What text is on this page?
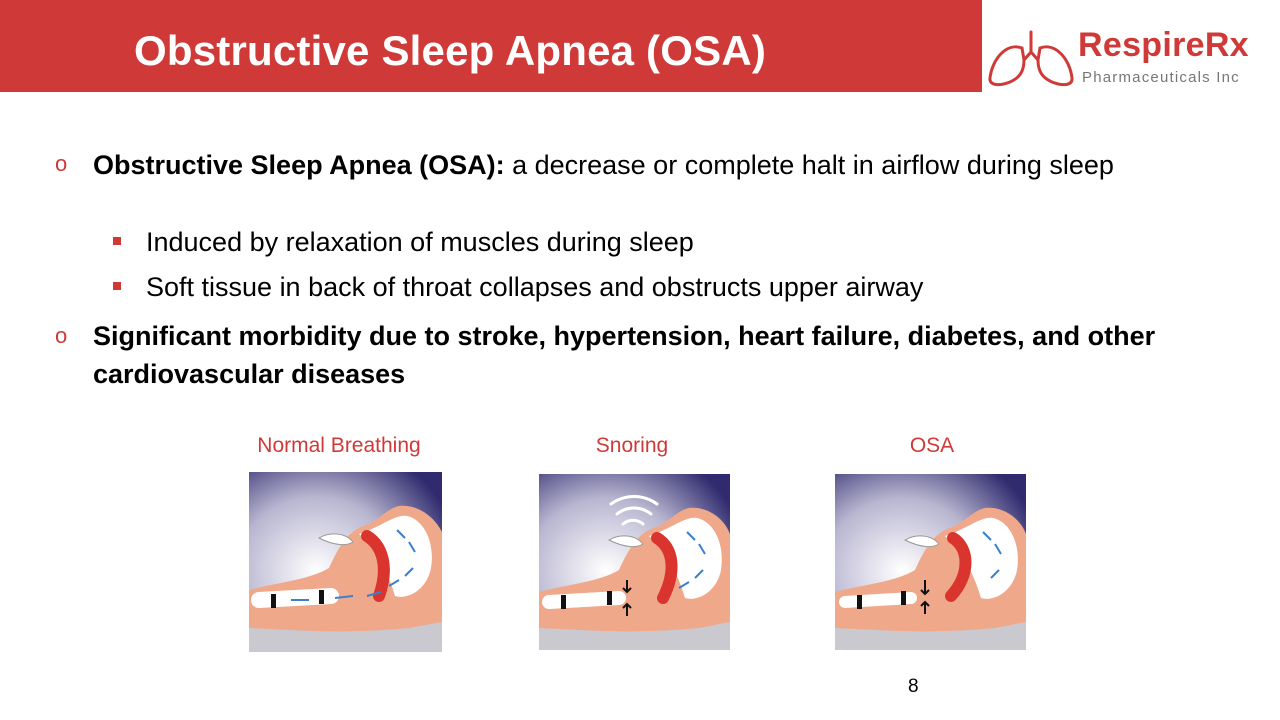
Obstructive Sleep Apnea (OSA)	RespireRx
Pharmaceuticals Inc
o Obstructive Sleep Apnea (OSA): a decrease or complete halt in airflow during sleep
Induced by relaxation of muscles during sleep
Soft tissue in back of throat collapses and obstructs upper airway
o Significant morbidity due to stroke, hypertension, heart failure, diabetes, and other cardiovascular diseases
Normal Breathing	Snoring	OSA
8
